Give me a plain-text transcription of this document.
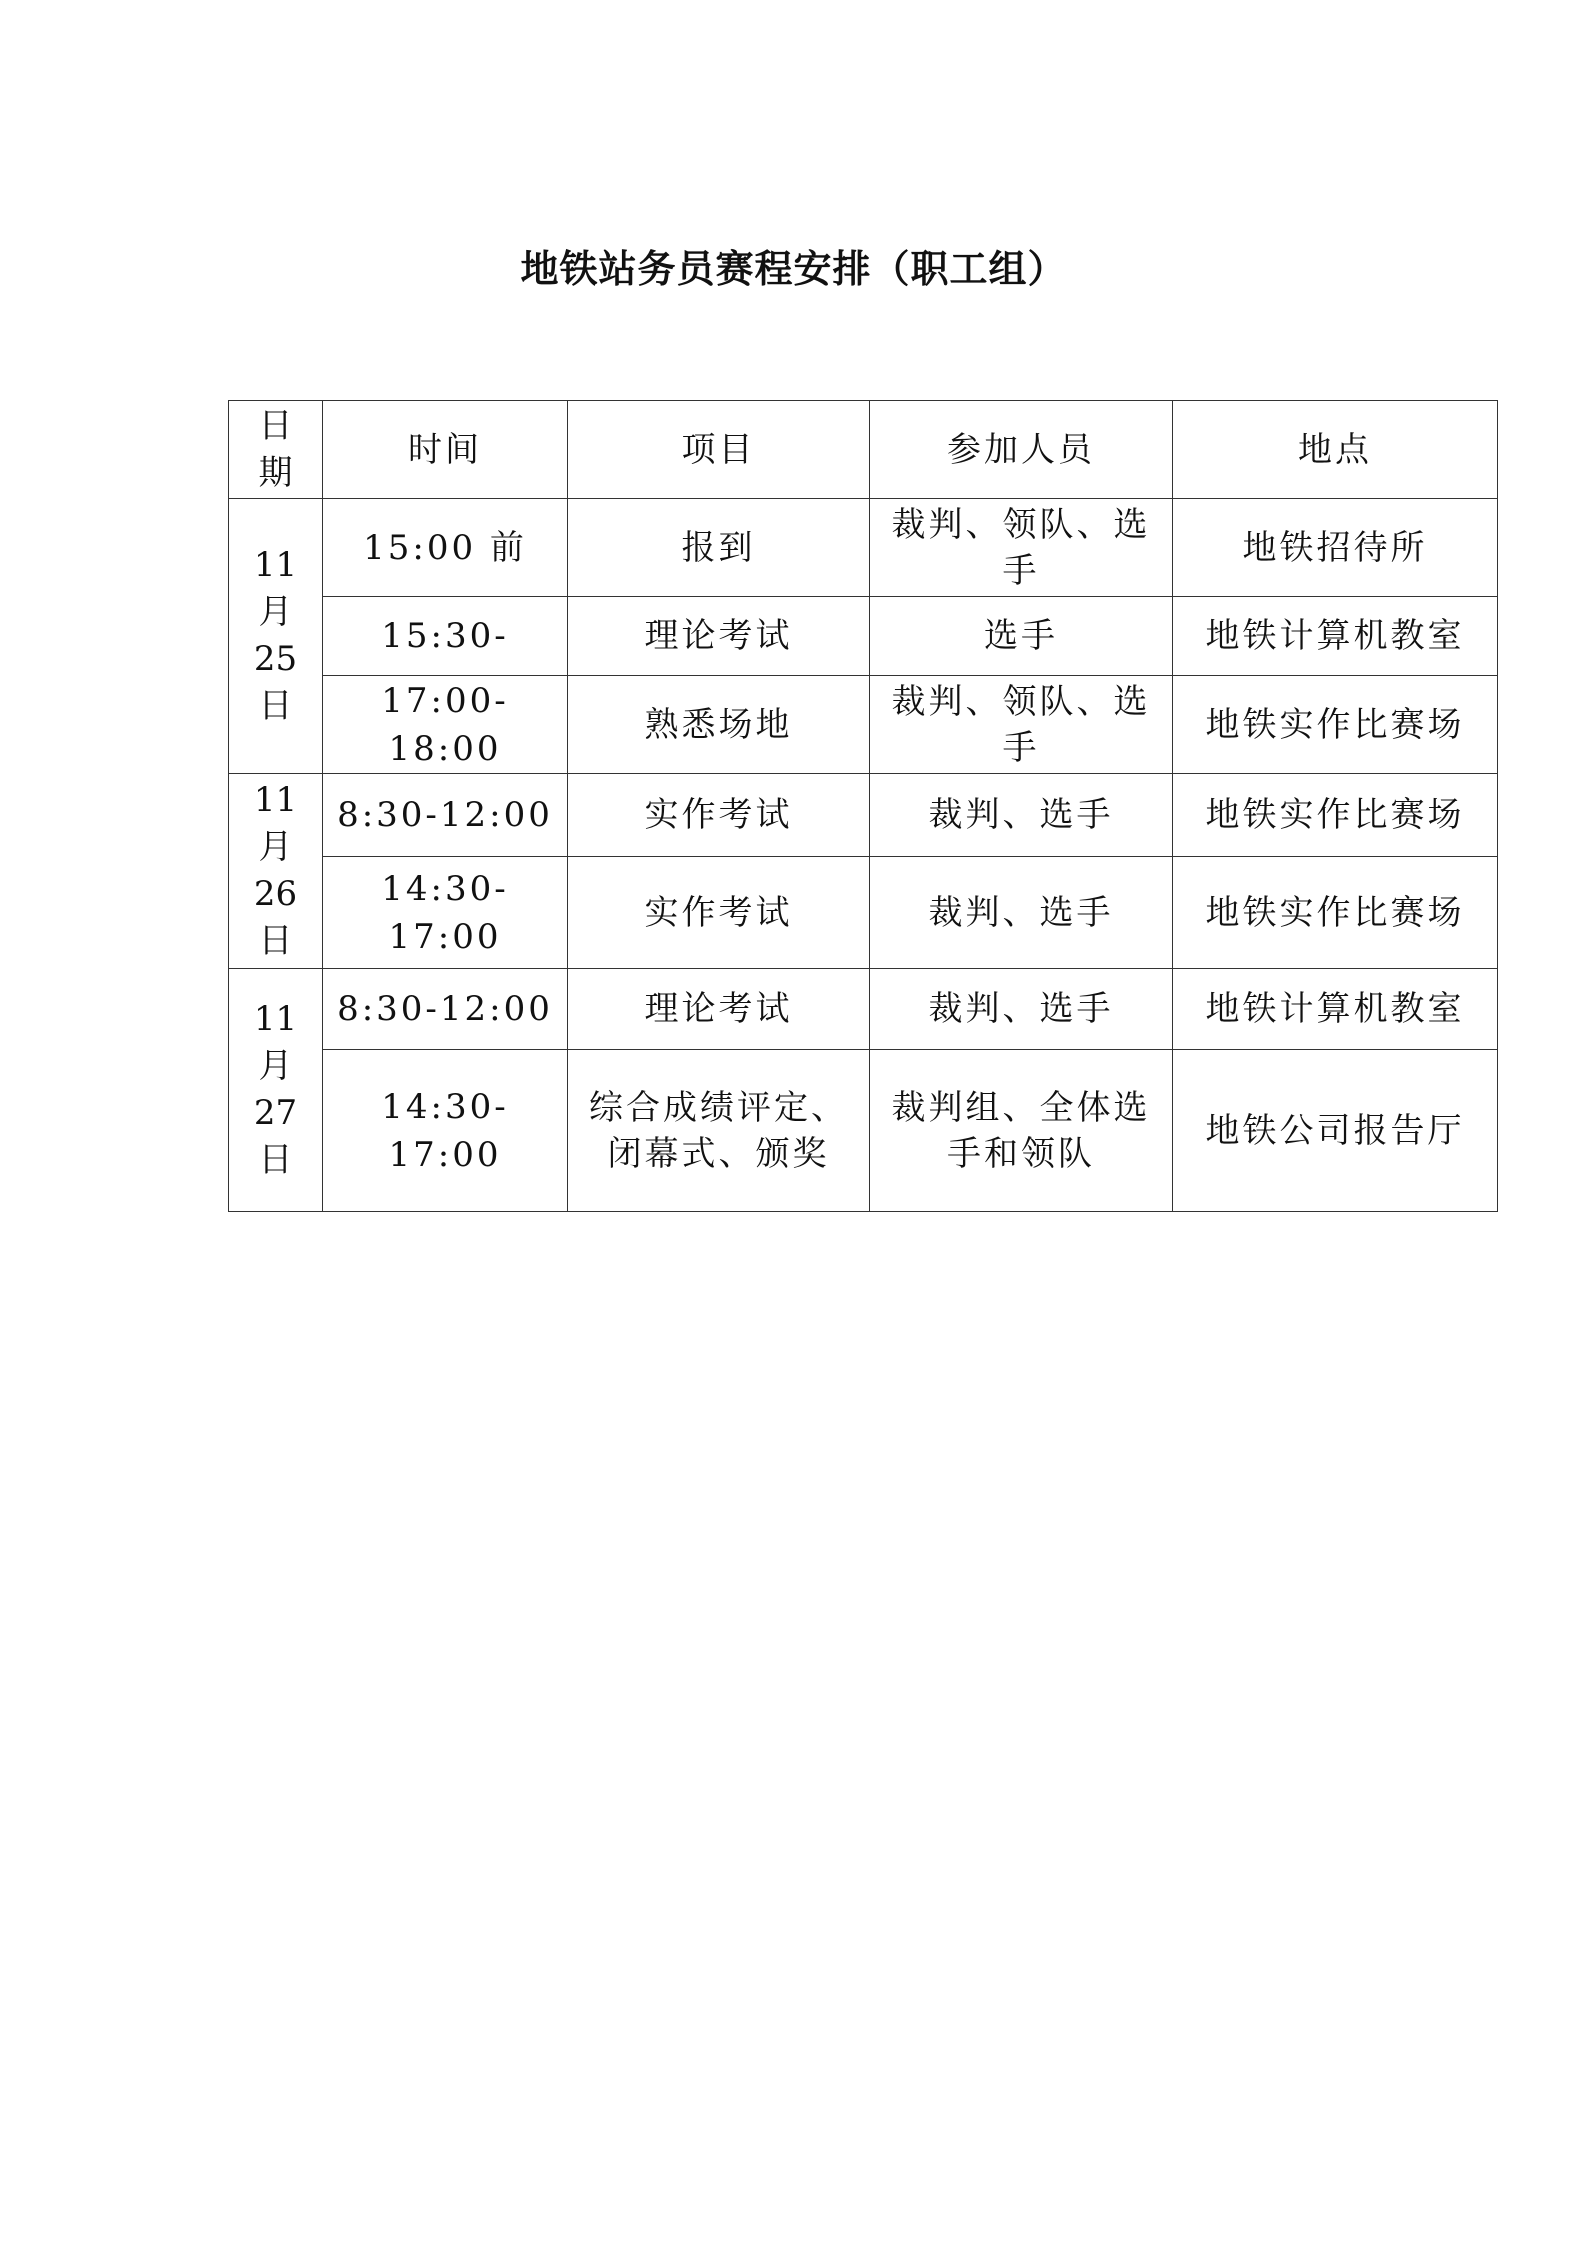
地铁站务员赛程安排（职工组）
日
期	时间	项目	参加人员	地点

11
月
25
日	15:00 前	报到	裁判、领队、选手	地铁招待所
	15:30-	理论考试	选手	地铁计算机教室
	17:00-18:00	熟悉场地	裁判、领队、选手	地铁实作比赛场

11
月
26
日	8:30-12:00	实作考试	裁判、选手	地铁实作比赛场
	14:30-17:00	实作考试	裁判、选手	地铁实作比赛场

11
月
27
日	8:30-12:00	理论考试	裁判、选手	地铁计算机教室
	14:30-17:00	综合成绩评定、闭幕式、颁奖	裁判组、全体选手和领队	地铁公司报告厅
